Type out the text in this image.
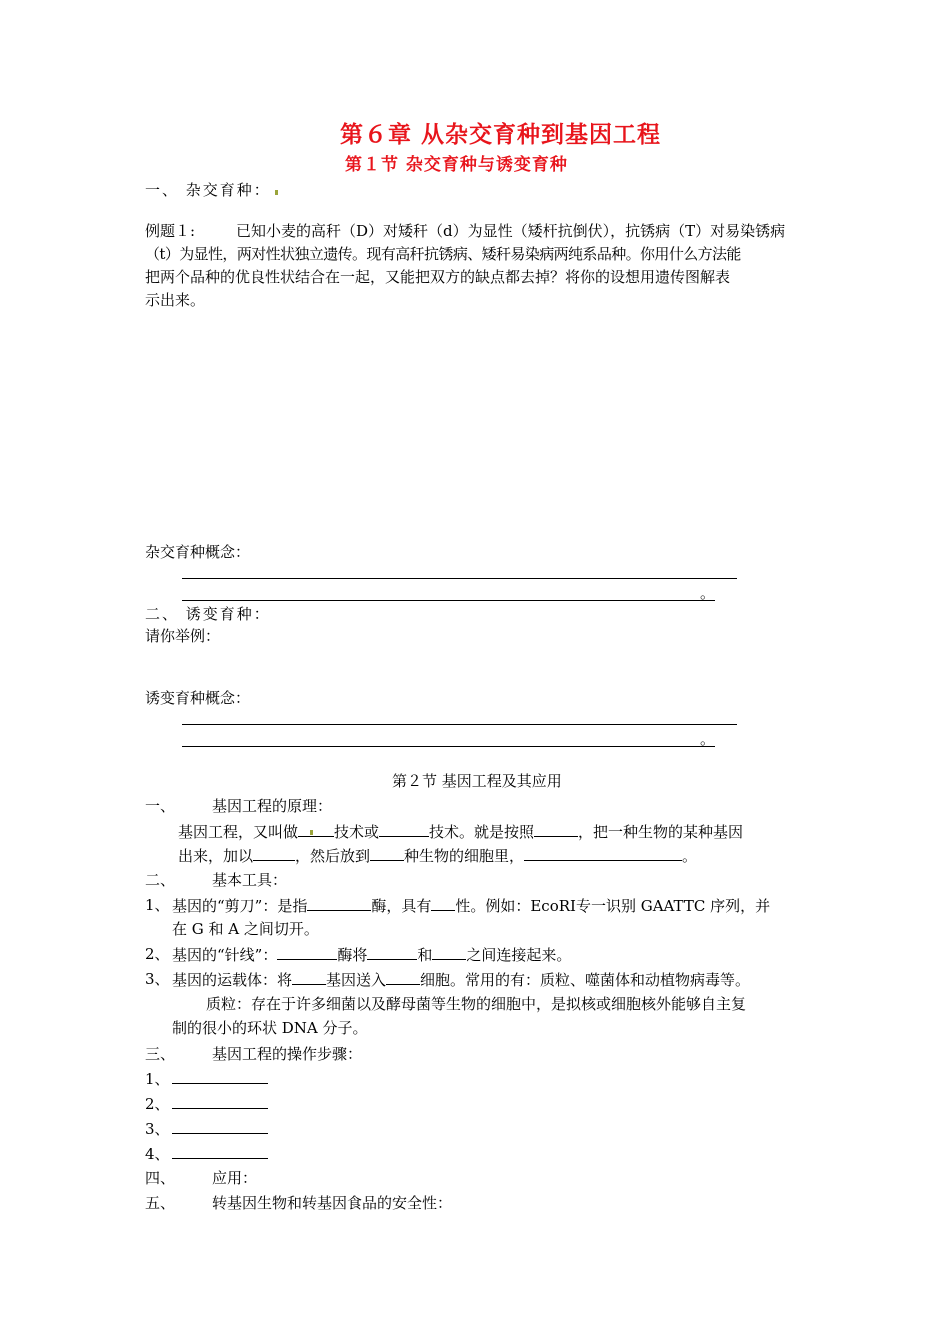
第６章 从杂交育种到基因工程
第１节 杂交育种与诱变育种
一、 杂交育种：
例题１:	已知小麦的高秆（D）对矮秆（d）为显性（矮杆抗倒伏），抗锈病（T）对易染锈病
（t）为显性，两对性状独立遗传。现有高秆抗锈病、矮秆易染病两纯系品种。你用什么方法能
把两个品种的优良性状结合在一起，又能把双方的缺点都去掉？将你的设想用遗传图解表
示出来。
杂交育种概念：
。
二、 诱变育种：
请你举例：
诱变育种概念：
。
第２节 基因工程及其应用
一、 基因工程的原理：
基因工程，又叫做 技术或	技术。就是按照	，把一种生物的某种基因
出来，加以	，然后放到 种生物的细胞里，	。
二、 基本工具：
1、 基因的“剪刀”：是指	酶，具有 性。例如：EcoRⅠ专一识别 GAATTC 序列，并
在 G 和 A 之间切开。
2、 基因的“针线”：	酶将	和 之间连接起来。
3、 基因的运载体：将 基因送入 细胞。常用的有：质粒、噬菌体和动植物病毒等。
质粒：存在于许多细菌以及酵母菌等生物的细胞中，是拟核或细胞核外能够自主复
制的很小的环状 DNA 分子。
三、 基因工程的操作步骤：
1、
2、
3、
4、
四、 应用：
五、 转基因生物和转基因食品的安全性：
